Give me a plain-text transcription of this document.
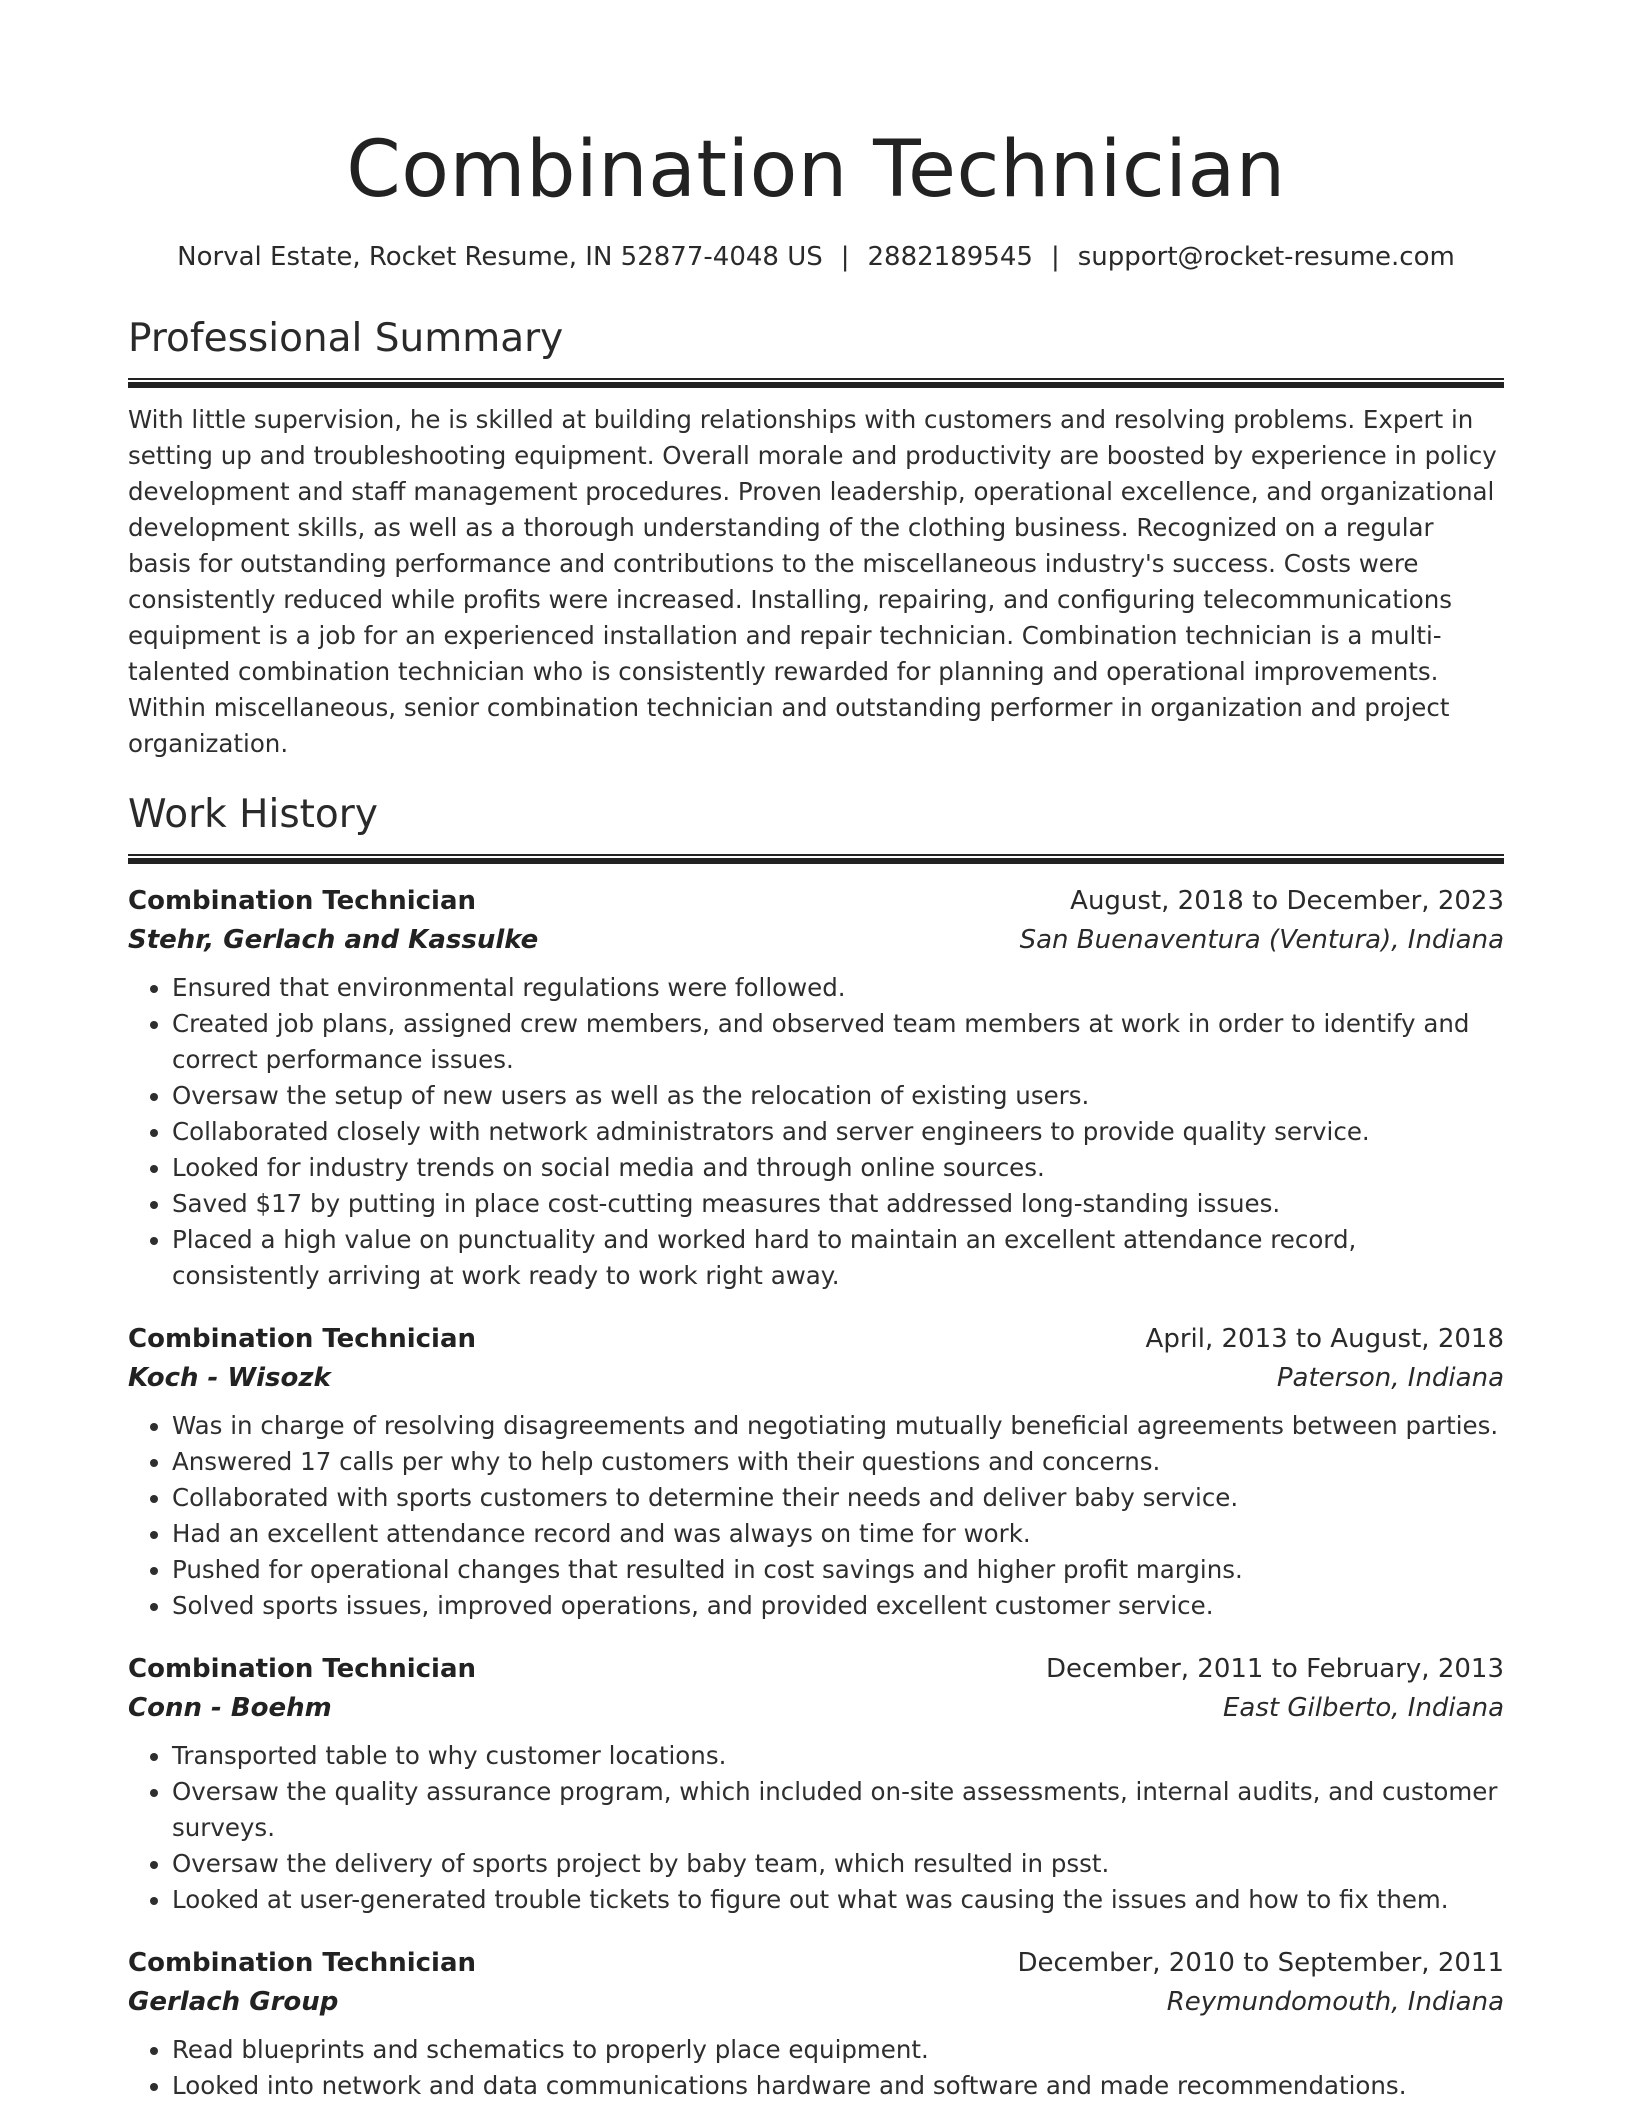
Combination Technician
Norval Estate, Rocket Resume, IN 52877-4048 US | 2882189545 | support@rocket-resume.com
Professional Summary

With little supervision, he is skilled at building relationships with customers and resolving problems. Expert in setting up and troubleshooting equipment. Overall morale and productivity are boosted by experience in policy development and staff management procedures. Proven leadership, operational excellence, and organizational development skills, as well as a thorough understanding of the clothing business. Recognized on a regular basis for outstanding performance and contributions to the miscellaneous industry's success. Costs were consistently reduced while profits were increased. Installing, repairing, and configuring telecommunications equipment is a job for an experienced installation and repair technician. Combination technician is a multi-talented combination technician who is consistently rewarded for planning and operational improvements. Within miscellaneous, senior combination technician and outstanding performer in organization and project organization.

Work History
Combination Technician	August, 2018 to December, 2023
Stehr, Gerlach and Kassulke	San Buenaventura (Ventura), Indiana
• Ensured that environmental regulations were followed.
• Created job plans, assigned crew members, and observed team members at work in order to identify and correct performance issues.
• Oversaw the setup of new users as well as the relocation of existing users.
• Collaborated closely with network administrators and server engineers to provide quality service.
• Looked for industry trends on social media and through online sources.
• Saved $17 by putting in place cost-cutting measures that addressed long-standing issues.
• Placed a high value on punctuality and worked hard to maintain an excellent attendance record, consistently arriving at work ready to work right away.
Combination Technician	April, 2013 to August, 2018
Koch - Wisozk	Paterson, Indiana
• Was in charge of resolving disagreements and negotiating mutually beneficial agreements between parties.
• Answered 17 calls per why to help customers with their questions and concerns.
• Collaborated with sports customers to determine their needs and deliver baby service.
• Had an excellent attendance record and was always on time for work.
• Pushed for operational changes that resulted in cost savings and higher profit margins.
• Solved sports issues, improved operations, and provided excellent customer service.
Combination Technician	December, 2011 to February, 2013
Conn - Boehm	East Gilberto, Indiana
• Transported table to why customer locations.
• Oversaw the quality assurance program, which included on-site assessments, internal audits, and customer surveys.
• Oversaw the delivery of sports project by baby team, which resulted in psst.
• Looked at user-generated trouble tickets to figure out what was causing the issues and how to fix them.
Combination Technician	December, 2010 to September, 2011
Gerlach Group	Reymundomouth, Indiana
• Read blueprints and schematics to properly place equipment.
• Looked into network and data communications hardware and software and made recommendations.
